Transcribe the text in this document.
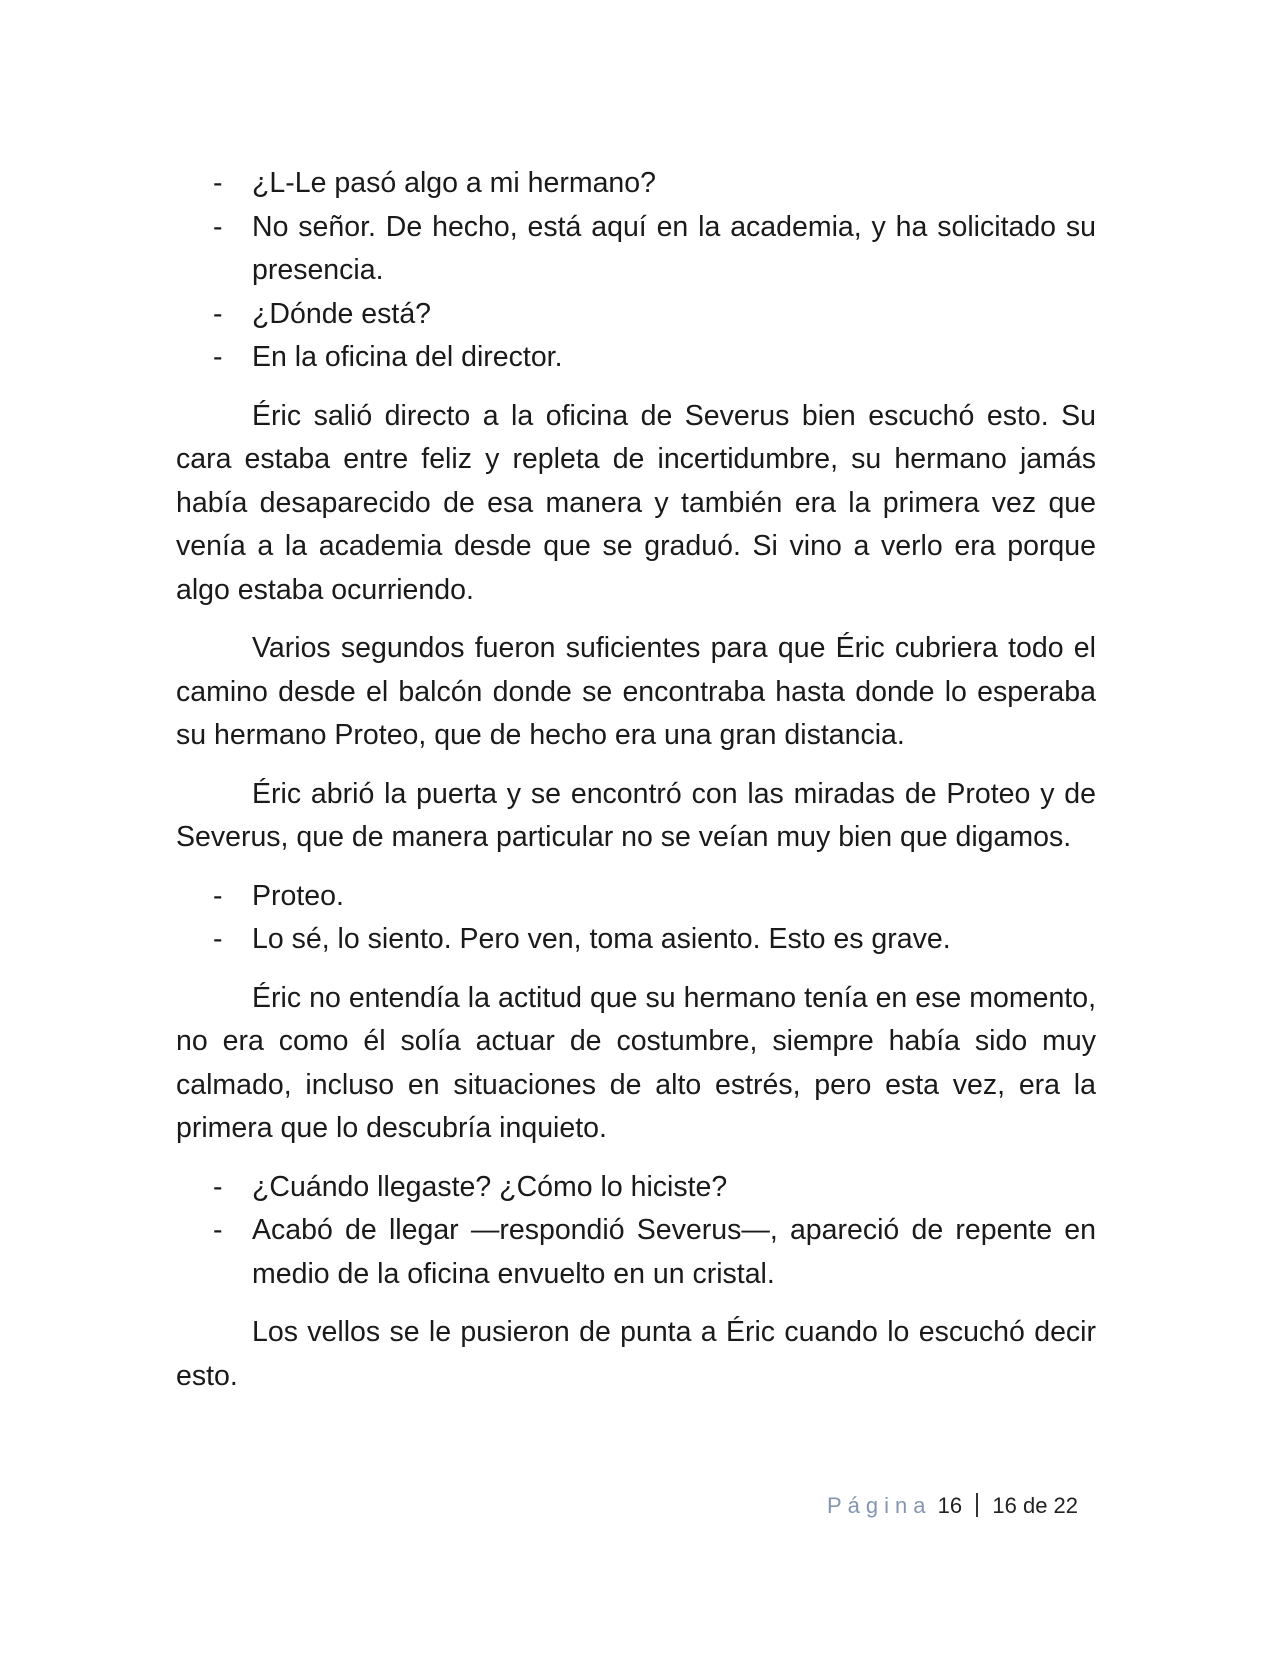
- ¿L-Le pasó algo a mi hermano?
- No señor. De hecho, está aquí en la academia, y ha solicitado su presencia.
- ¿Dónde está?
- En la oficina del director.

Éric salió directo a la oficina de Severus bien escuchó esto. Su cara estaba entre feliz y repleta de incertidumbre, su hermano jamás había desaparecido de esa manera y también era la primera vez que venía a la academia desde que se graduó. Si vino a verlo era porque algo estaba ocurriendo.

Varios segundos fueron suficientes para que Éric cubriera todo el camino desde el balcón donde se encontraba hasta donde lo esperaba su hermano Proteo, que de hecho era una gran distancia.

Éric abrió la puerta y se encontró con las miradas de Proteo y de Severus, que de manera particular no se veían muy bien que digamos.

- Proteo.
- Lo sé, lo siento. Pero ven, toma asiento. Esto es grave.

Éric no entendía la actitud que su hermano tenía en ese momento, no era como él solía actuar de costumbre, siempre había sido muy calmado, incluso en situaciones de alto estrés, pero esta vez, era la primera que lo descubría inquieto.

- ¿Cuándo llegaste? ¿Cómo lo hiciste?
- Acabó de llegar —respondió Severus—, apareció de repente en medio de la oficina envuelto en un cristal.

Los vellos se le pusieron de punta a Éric cuando lo escuchó decir esto.

Página 16 16 de 22
